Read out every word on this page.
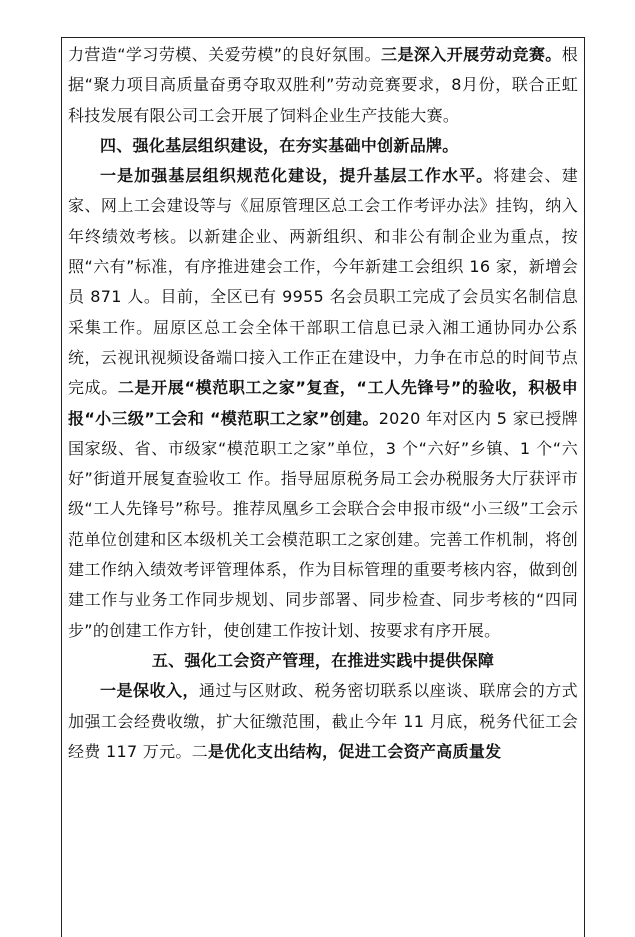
力营造“学习劳模、关爱劳模”的良好氛围。三是深入开展劳动竞赛。根据“聚力项目高质量奋勇夺取双胜利”劳动竞赛要求，8月份，联合正虹科技发展有限公司工会开展了饲料企业生产技能大赛。

四、强化基层组织建设，在夯实基础中创新品牌。

一是加强基层组织规范化建设，提升基层工作水平。将建会、建家、网上工会建设等与《屈原管理区总工会工作考评办法》挂钩，纳入年终绩效考核。以新建企业、两新组织、和非公有制企业为重点，按照“六有”标准，有序推进建会工作，今年新建工会组织 16 家，新增会员 871 人。目前，全区已有 9955 名会员职工完成了会员实名制信息采集工作。屈原区总工会全体干部职工信息已录入湘工通协同办公系统，云视讯视频设备端口接入工作正在建设中，力争在市总的时间节点完成。二是开展“模范职工之家”复查，“工人先锋号”的验收，积极申报“小三级”工会和 “模范职工之家”创建。2020 年对区内 5 家已授牌国家级、省、市级家“模范职工之家”单位，3 个“六好”乡镇、1 个“六好”街道开展复查验收工 作。指导屈原税务局工会办税服务大厅获评市级“工人先锋号”称号。推荐凤凰乡工会联合会申报市级“小三级”工会示范单位创建和区本级机关工会模范职工之家创建。完善工作机制，将创建工作纳入绩效考评管理体系，作为目标管理的重要考核内容，做到创建工作与业务工作同步规划、同步部署、同步检查、同步考核的“四同步”的创建工作方针，使创建工作按计划、按要求有序开展。

五、强化工会资产管理，在推进实践中提供保障

一是保收入，通过与区财政、税务密切联系以座谈、联席会的方式加强工会经费收缴，扩大征缴范围，截止今年 11 月底，税务代征工会经费 117 万元。二是优化支出结构，促进工会资产高质量发
